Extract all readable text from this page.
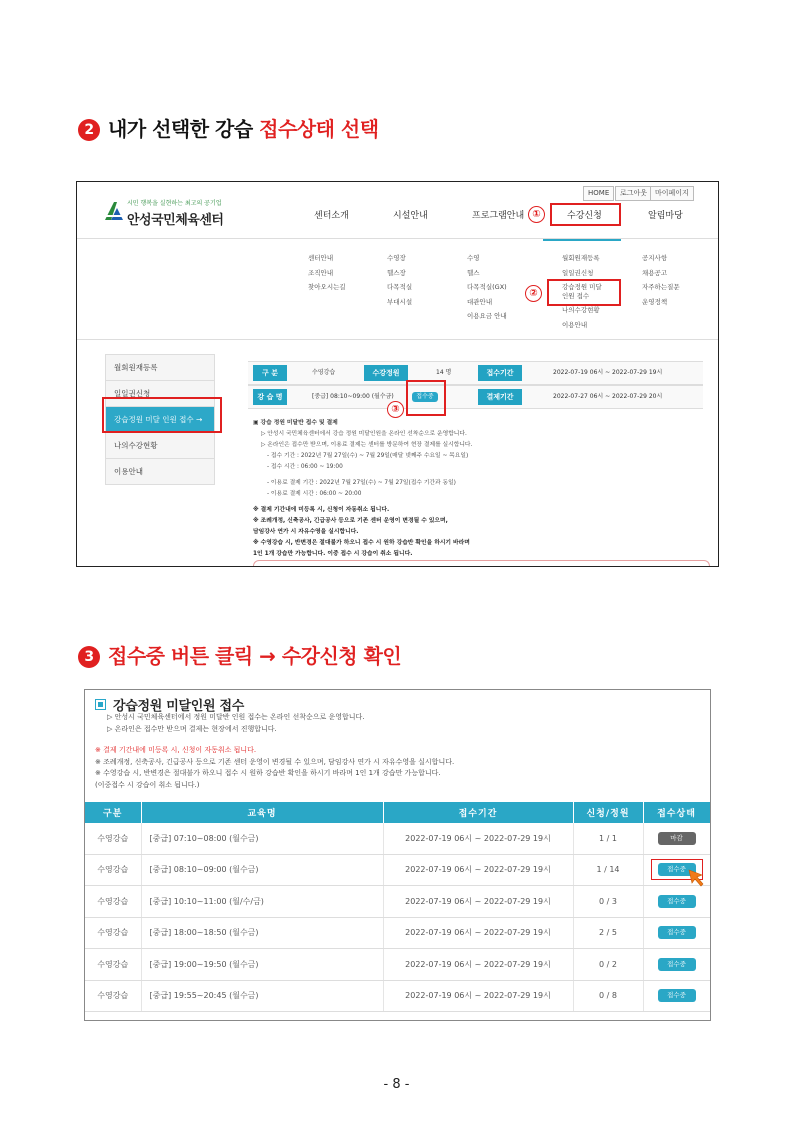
2 내가 선택한 강습 접수상태 선택
HOME	로그아웃	마이페이지
시민 행복을 실현하는 최고의 공기업
안성국민체육센터	센터소개	시설안내	프로그램안내	수강신청	알림마당
①
센터안내
조직안내
찾아오시는길
수영장
헬스장
다목적실
부대시설
수영
헬스
다목적실(GX)
대관안내
이용요금 안내
월회원재등록
일일권신청
강습정원 미달
인원 접수
나의수강현황
이용안내
공지사항
채용공고
자주하는질문
운영정책
②
월회원재등록
일일권신청
강습정원 미달 인원 접수 →
나의수강현황
이용안내
구 분	수영강습	수강정원	14 명	접수기간	2022-07-19 06시 ~ 2022-07-29 19시
강 습 명	[중급] 08:10~09:00 (월수금)	접수중	결제기간	2022-07-27 06시 ~ 2022-07-29 20시
③
▣ 강습 정원 미달반 접수 및 결제
▷ 안성시 국민체육센터에서 강습 정원 미달인원을 온라인 선착순으로 운영합니다.
▷ 온라인은 접수만 받으며, 이용료 결제는 센터를 방문하여 현장 결제를 실시합니다.
- 접수 기간 : 2022년 7월 27일(수) ~ 7월 29일(매달 넷째주 수요일 ~ 목요일)
- 접수 시간 : 06:00 ~ 19:00
- 이용료 결제 기간 : 2022년 7월 27일(수) ~ 7월 27일(접수 기간과 동일)
- 이용료 결제 시간 : 06:00 ~ 20:00
※ 결제 기간내에 미등록 시, 신청이 자동취소 됩니다.
※ 조례개정, 신축공사, 긴급공사 등으로 기존 센터 운영이 변경될 수 있으며,
담임강사 연가 시 자유수영을 실시합니다.
※ 수영강습 시, 반변경은 절대불가 하오니 접수 시 원하 강습반 확인을 하시기 바라며
1인 1개 강습만 가능합니다. 이중 접수 시 강습이 취소 됩니다.
3 접수중 버튼 클릭 → 수강신청 확인
강습정원 미달인원 접수
▷ 안성시 국민체육센터에서 정원 미달반 인원 접수는 온라인 선착순으로 운영합니다.
▷ 온라인은 접수만 받으며 결제는 현장에서 진행합니다.
※ 결제 기간내에 미등록 시, 신청이 자동취소 됩니다.
※ 조례개정, 신축공사, 긴급공사 등으로 기존 센터 운영이 변경될 수 있으며, 담임강사 연가 시 자유수영을 실시합니다.
※ 수영강습 시, 반변경은 절대불가 하오니 접수 시 원하 강습반 확인을 하시기 바라며 1인 1개 강습만 가능합니다.
(이중접수 시 강습이 취소 됩니다.)
구분	교육명	접수기간	신청/정원	접수상태
수영강습	[중급] 07:10~08:00 (월수금)	2022-07-19 06시 ~ 2022-07-29 19시	1 / 1	마감
수영강습	[중급] 08:10~09:00 (월수금)	2022-07-19 06시 ~ 2022-07-29 19시	1 / 14	접수중

수영강습	[중급] 10:10~11:00 (월/수/금)	2022-07-19 06시 ~ 2022-07-29 19시	0 / 3	접수중
수영강습	[중급] 18:00~18:50 (월수금)	2022-07-19 06시 ~ 2022-07-29 19시	2 / 5	접수중
수영강습	[중급] 19:00~19:50 (월수금)	2022-07-19 06시 ~ 2022-07-29 19시	0 / 2	접수중
수영강습	[중급] 19:55~20:45 (월수금)	2022-07-19 06시 ~ 2022-07-29 19시	0 / 8	접수중
- 8 -
